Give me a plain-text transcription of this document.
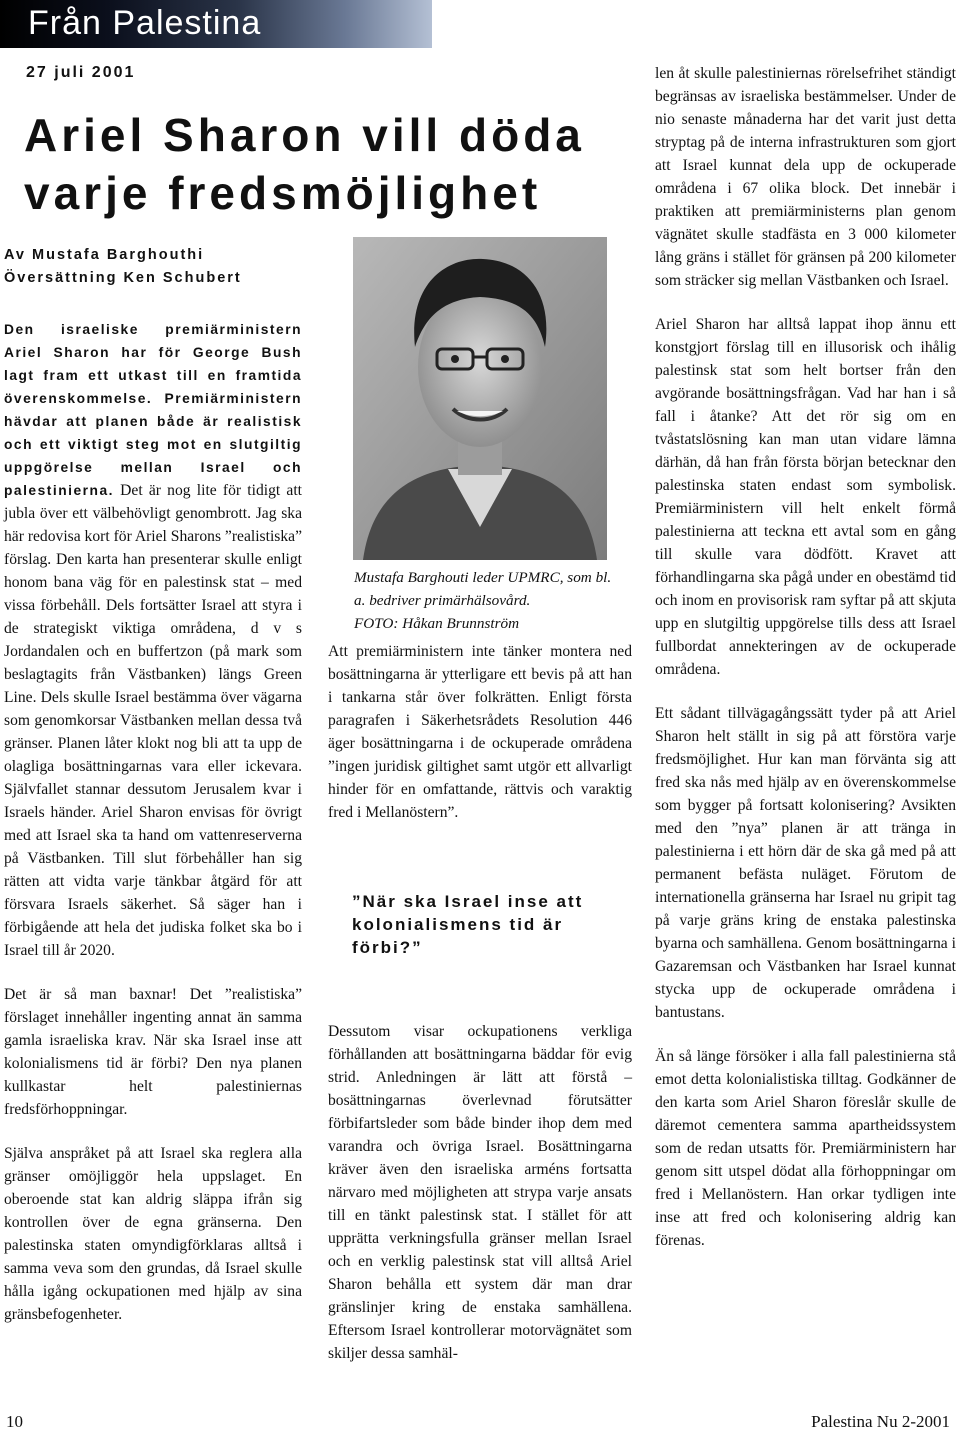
Från Palestina
27 juli 2001
Ariel Sharon vill döda varje fredsmöjlighet
Av Mustafa Barghouthi
Översättning Ken Schubert

Den israeliske premiärministern Ariel Sharon har för George Bush lagt fram ett utkast till en framtida överenskommelse. Premiärministern hävdar att planen både är realistisk och ett viktigt steg mot en slutgiltig uppgörelse mellan Israel och palestinierna. Det är nog lite för tidigt att jubla över ett välbehövligt genombrott. Jag ska här redovisa kort för Ariel Sharons ”realistiska” förslag. Den karta han presenterar skulle enligt honom bana väg för en palestinsk stat – med vissa förbehåll. Dels fortsätter Israel att styra i de strategiskt viktiga områdena, d v s Jordandalen och en buffertzon (på mark som beslagtagits från Västbanken) längs Green Line. Dels skulle Israel bestämma över vägarna som genomkorsar Västbanken mellan dessa två gränser. Planen låter klokt nog bli att ta upp de olagliga bosättningarnas vara eller ickevara. Självfallet stannar dessutom Jerusalem kvar i Israels händer. Ariel Sharon envisas för övrigt med att Israel ska ta hand om vattenreserverna på Västbanken. Till slut förbehåller han sig rätten att vidta varje tänkbar åtgärd för att försvara Israels säkerhet. Så säger han i förbigående att hela det judiska folket ska bo i Israel till år 2020.

Det är så man baxnar! Det ”realistiska” förslaget innehåller ingenting annat än samma gamla israeliska krav. När ska Israel inse att kolonialismens tid är förbi? Den nya planen kullkastar helt palestiniernas fredsförhoppningar.

Själva anspråket på att Israel ska reglera alla gränser omöjliggör hela uppslaget. En oberoende stat kan aldrig släppa ifrån sig kontrollen över de egna gränserna. Den palestinska staten omyndigförklaras alltså i samma veva som den grundas, då Israel skulle hålla igång ockupationen med hjälp av sina gränsbefogenheter.

Mustafa Barghouti leder UPMRC, som bl. a. bedriver primärhälsovård.
FOTO: Håkan Brunnström

Att premiärministern inte tänker montera ned bosättningarna är ytterligare ett bevis på att han i tankarna står över folkrätten. Enligt första paragrafen i Säkerhetsrådets Resolution 446 äger bosättningarna i de ockuperade områdena ”ingen juridisk giltighet samt utgör ett allvarligt hinder för en omfattande, rättvis och varaktig fred i Mellanöstern”.

”När ska Israel inse att kolonialismens tid är förbi?”

Dessutom visar ockupationens verkliga förhållanden att bosättningarna bäddar för evig strid. Anledningen är lätt att förstå – bosättningarnas överlevnad förutsätter förbifartsleder som både binder ihop dem med varandra och övriga Israel. Bosättningarna kräver även den israeliska arméns fortsatta närvaro med möjligheten att strypa varje ansats till en tänkt palestinsk stat. I stället för att upprätta verkningsfulla gränser mellan Israel och en verklig palestinsk stat vill alltså Ariel Sharon behålla ett system där man drar gränslinjer kring de enstaka samhällena. Eftersom Israel kontrollerar motorvägnätet som skiljer dessa samhäl-

len åt skulle palestiniernas rörelsefrihet ständigt begränsas av israeliska bestämmelser. Under de nio senaste månaderna har det varit just detta stryptag på de interna infrastrukturen som gjort att Israel kunnat dela upp de ockuperade områdena i 67 olika block. Det innebär i praktiken att premiärministerns plan genom vägnätet skulle stadfästa en 3 000 kilometer lång gräns i stället för gränsen på 200 kilometer som sträcker sig mellan Västbanken och Israel.

Ariel Sharon har alltså lappat ihop ännu ett konstgjort förslag till en illusorisk och ihålig palestinsk stat som helt bortser från den avgörande bosättningsfrågan. Vad har han i så fall i åtanke? Att det rör sig om en tvåstatslösning kan man utan vidare lämna därhän, då han från första början betecknar den palestinska staten endast som symbolisk. Premiärministern vill helt enkelt förmå palestinierna att teckna ett avtal som en gång till skulle vara dödfött. Kravet att förhandlingarna ska pågå under en obestämd tid och inom en provisorisk ram syftar på att skjuta upp en slutgiltig uppgörelse tills dess att Israel fullbordat annekteringen av de ockuperade områdena.

Ett sådant tillvägagångssätt tyder på att Ariel Sharon helt ställt in sig på att förstöra varje fredsmöjlighet. Hur kan man förvänta sig att fred ska nås med hjälp av en överenskommelse som bygger på fortsatt kolonisering? Avsikten med den ”nya” planen är att tränga in palestinierna i ett hörn där de ska gå med på att permanent befästa nuläget. Förutom de internationella gränserna har Israel nu gripit tag på varje gräns kring de enstaka palestinska byarna och samhällena. Genom bosättningarna i Gazaremsan och Västbanken har Israel kunnat stycka upp de ockuperade områdena i bantustans.

Än så länge försöker i alla fall palestinierna stå emot detta kolonialistiska tilltag. Godkänner de den karta som Ariel Sharon föreslår skulle de däremot cementera samma apartheidssystem som de redan utsatts för. Premiärministern har genom sitt utspel dödat alla förhoppningar om fred i Mellanöstern. Han orkar tydligen inte inse att fred och kolonisering aldrig kan förenas.

10	Palestina Nu 2-2001
